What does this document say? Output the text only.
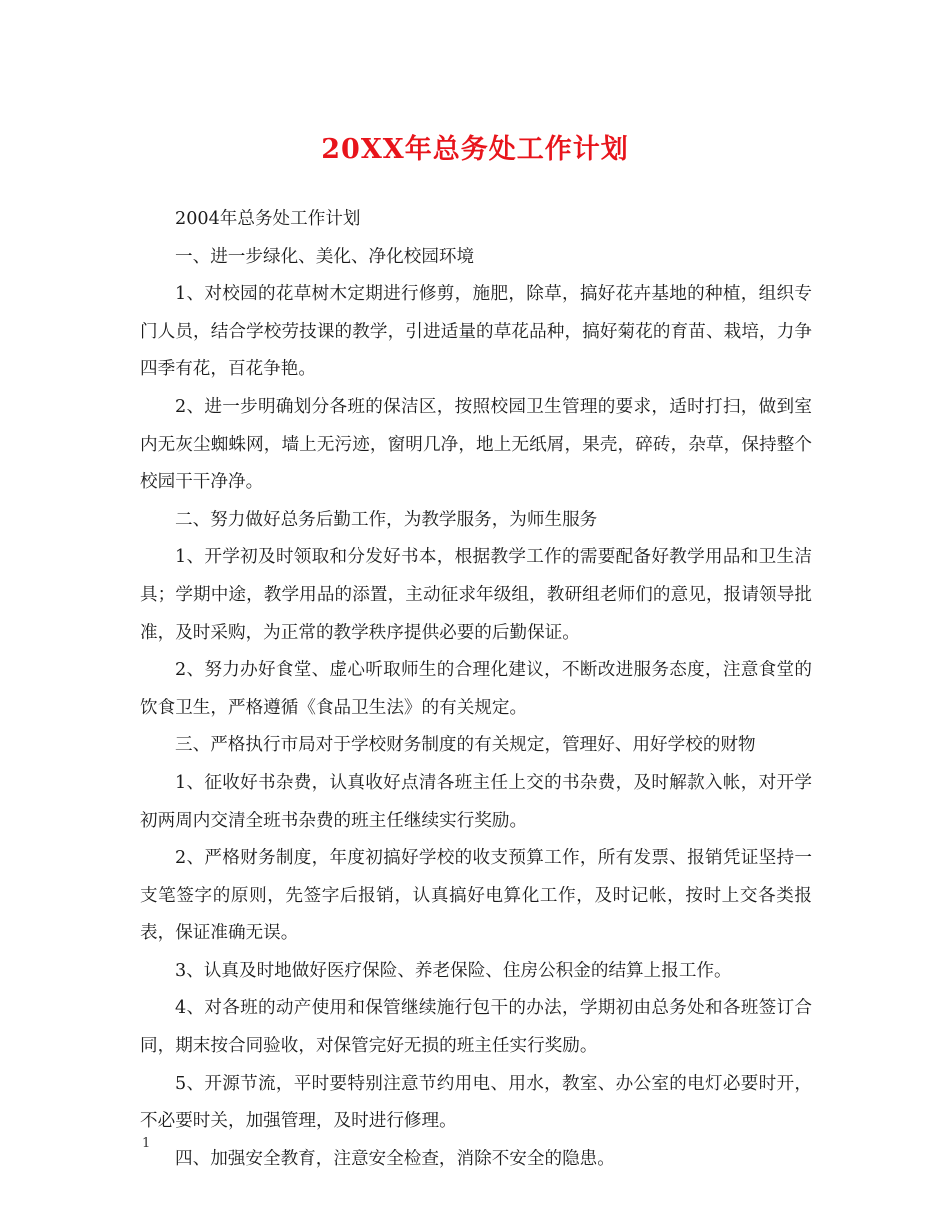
20XX年总务处工作计划

2004年总务处工作计划

一、进一步绿化、美化、净化校园环境

1、对校园的花草树木定期进行修剪，施肥，除草，搞好花卉基地的种植，组织专门人员，结合学校劳技课的教学，引进适量的草花品种，搞好菊花的育苗、栽培，力争四季有花，百花争艳。

2、进一步明确划分各班的保洁区，按照校园卫生管理的要求，适时打扫，做到室内无灰尘蜘蛛网，墙上无污迹，窗明几净，地上无纸屑，果壳，碎砖，杂草，保持整个校园干干净净。

二、努力做好总务后勤工作，为教学服务，为师生服务

1、开学初及时领取和分发好书本，根据教学工作的需要配备好教学用品和卫生洁具；学期中途，教学用品的添置，主动征求年级组，教研组老师们的意见，报请领导批准，及时采购，为正常的教学秩序提供必要的后勤保证。

2、努力办好食堂、虚心听取师生的合理化建议，不断改进服务态度，注意食堂的饮食卫生，严格遵循《食品卫生法》的有关规定。

三、严格执行市局对于学校财务制度的有关规定，管理好、用好学校的财物

1、征收好书杂费，认真收好点清各班主任上交的书杂费，及时解款入帐，对开学初两周内交清全班书杂费的班主任继续实行奖励。

2、严格财务制度，年度初搞好学校的收支预算工作，所有发票、报销凭证坚持一支笔签字的原则，先签字后报销，认真搞好电算化工作，及时记帐，按时上交各类报表，保证准确无误。

3、认真及时地做好医疗保险、养老保险、住房公积金的结算上报工作。

4、对各班的动产使用和保管继续施行包干的办法，学期初由总务处和各班签订合同，期末按合同验收，对保管完好无损的班主任实行奖励。

5、开源节流，平时要特别注意节约用电、用水，教室、办公室的电灯必要时开，不必要时关，加强管理，及时进行修理。

四、加强安全教育，注意安全检查，消除不安全的隐患。

1
